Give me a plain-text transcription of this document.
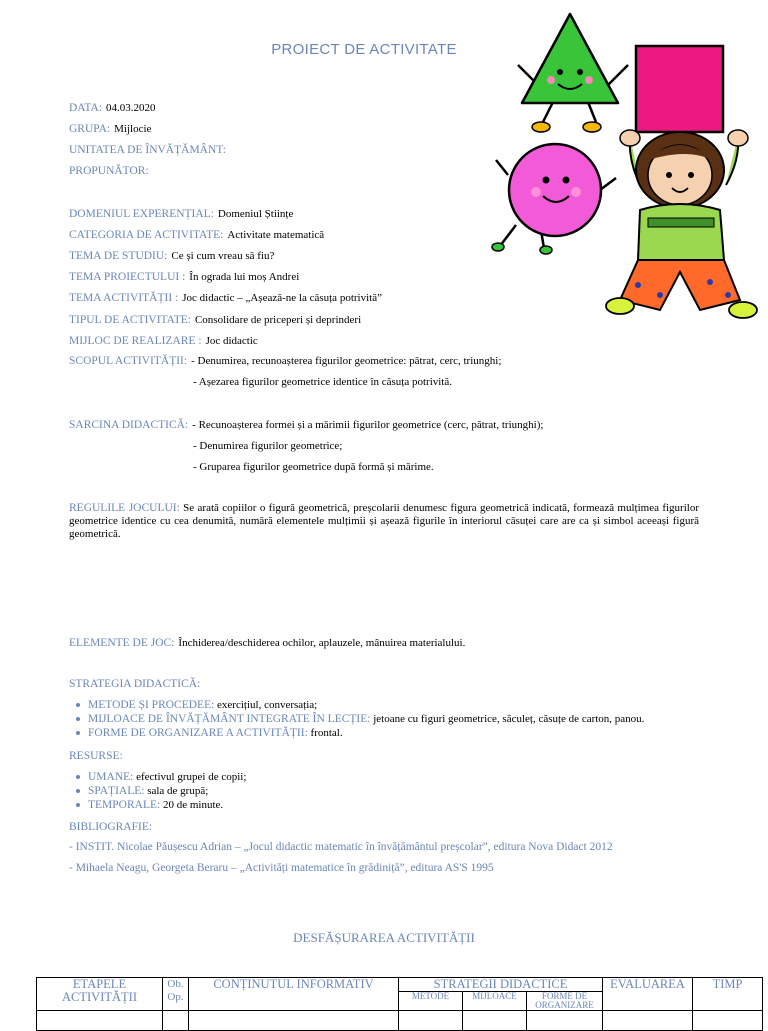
PROIECT DE ACTIVITATE
DATA: 04.03.2020
GRUPA: Mijlocie
UNITATEA DE ÎNVĂȚĂMÂNT:
PROPUNĂTOR:
DOMENIUL EXPERENȚIAL: Domeniul Științe
CATEGORIA DE ACTIVITATE: Activitate matematică
TEMA DE STUDIU: Ce și cum vreau să fiu?
TEMA PROIECTULUI : În ograda lui moș Andrei
TEMA ACTIVITĂȚII : Joc didactic – „Așează-ne la căsuța potrivită”
TIPUL DE ACTIVITATE: Consolidare de priceperi și deprinderi
MIJLOC DE REALIZARE : Joc didactic
SCOPUL ACTIVITĂȚII: - Denumirea, recunoașterea figurilor geometrice: pătrat, cerc, triunghi;
- Așezarea figurilor geometrice identice în căsuța potrivită.
SARCINA DIDACTICĂ: - Recunoașterea formei și a mărimii figurilor geometrice (cerc, pătrat, triunghi);
- Denumirea figurilor geometrice;
- Gruparea figurilor geometrice după formă și mărime.
REGULILE JOCULUI: Se arată copiilor o figură geometrică, preșcolarii denumesc figura geometrică indicată, formează mulțimea figurilor geometrice identice cu cea denumită, numără elementele mulțimii și așează figurile în interiorul căsuței care are ca și simbol aceeași figură geometrică.
ELEMENTE DE JOC: Închiderea/deschiderea ochilor, aplauzele, mânuirea materialului.
STRATEGIA DIDACTICĂ:
METODE ȘI PROCEDEE: exercițiul, conversația;
MIJLOACE DE ÎNVĂȚĂMÂNT INTEGRATE ÎN LECȚIE: jetoane cu figuri geometrice, săculeț, căsuțe de carton, panou.
FORME DE ORGANIZARE A ACTIVITĂȚII: frontal.
RESURSE:
UMANE: efectivul grupei de copii;
SPAȚIALE: sala de grupă;
TEMPORALE: 20 de minute.
BIBLIOGRAFIE:
- INSTIT. Nicolae Păușescu Adrian – „Jocul didactic matematic în învățământul preșcolar”, editura Nova Didact 2012
- Mihaela Neagu, Georgeta Beraru – „Activități matematice în grădiniță”, editura AS'S 1995
DESFĂȘURAREA ACTIVITĂȚII
ETAPELE ACTIVITĂȚII	Ob. Op.	CONȚINUTUL INFORMATIV	STRATEGII DIDACTICE			EVALUAREA	TIMP
			METODE	MIJLOACE	FORME DE ORGANIZARE		
